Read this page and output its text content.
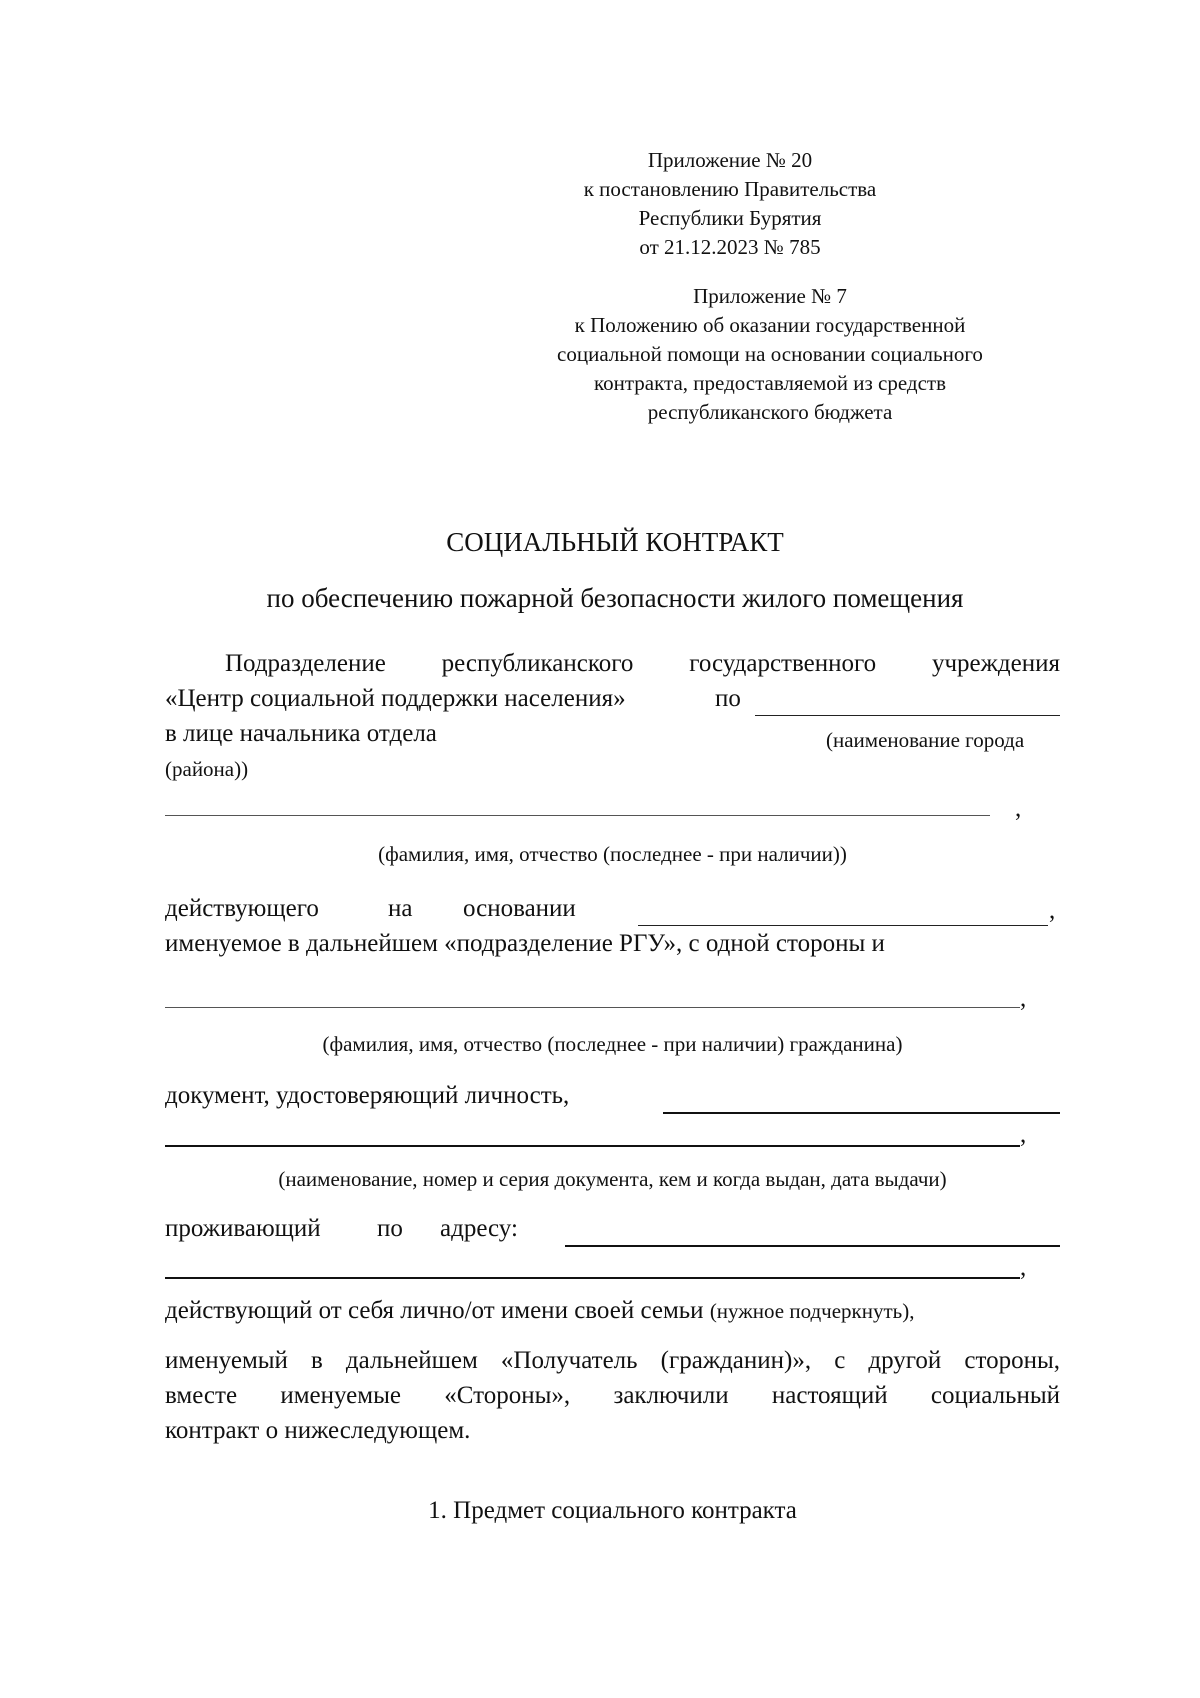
Приложение № 20
к постановлению Правительства
Республики Бурятия
от 21.12.2023 № 785
Приложение № 7
к Положению об оказании государственной
социальной помощи на основании социального
контракта, предоставляемой из средств
республиканского бюджета
СОЦИАЛЬНЫЙ КОНТРАКТ
по обеспечению пожарной безопасности жилого помещения
Подразделение республиканского государственного учреждения
«Центр социальной поддержки населения»	по
в лице начальника отдела	(наименование города
(района))
,
(фамилия, имя, отчество (последнее - при наличии))
действующего	на основании	,
именуемое в дальнейшем «подразделение РГУ», с одной стороны и
,
(фамилия, имя, отчество (последнее - при наличии) гражданина)
документ, удостоверяющий личность,
,
(наименование, номер и серия документа, кем и когда выдан, дата выдачи)
проживающий по адресу:
,
действующий от себя лично/от имени своей семьи (нужное подчеркнуть),
именуемый в дальнейшем «Получатель (гражданин)», с другой стороны,
вместе именуемые «Стороны», заключили настоящий социальный
контракт о нижеследующем.
1. Предмет социального контракта
